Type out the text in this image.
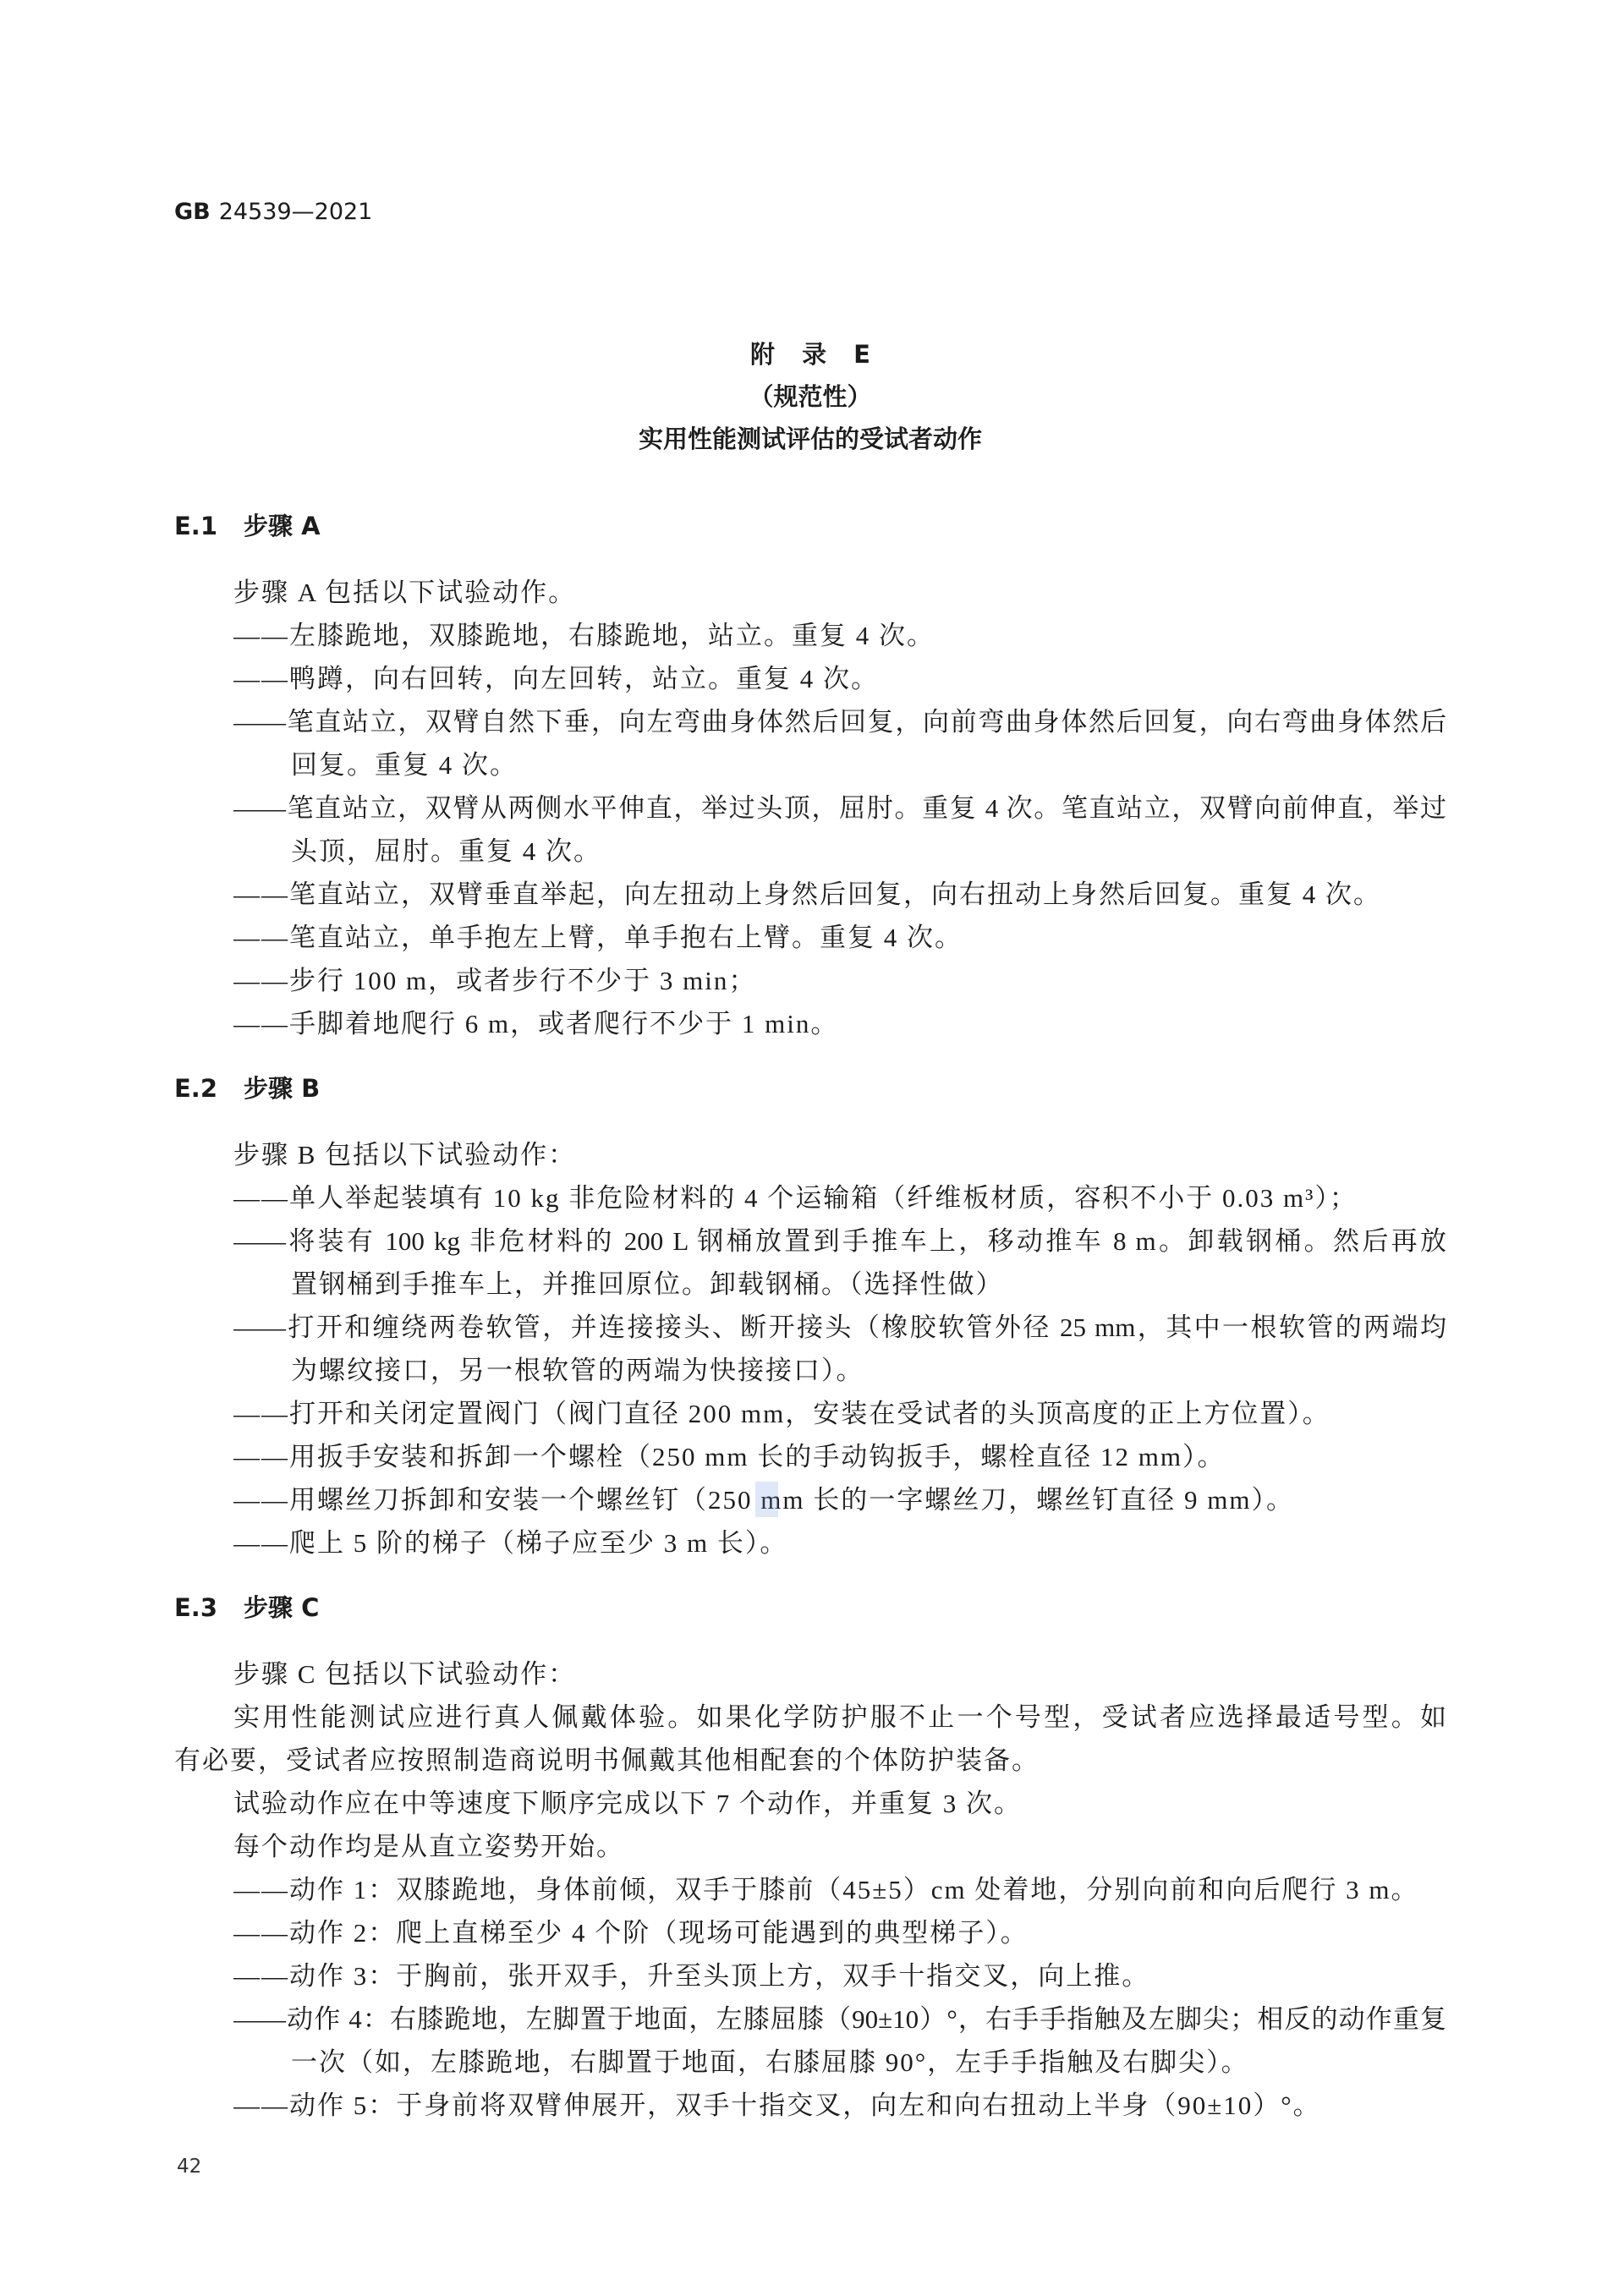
GB 24539—2021
附 录 E
（规范性）
实用性能测试评估的受试者动作
E.1 步骤 A
步骤 A 包括以下试验动作。
——左膝跪地，双膝跪地，右膝跪地，站立。重复 4 次。
——鸭蹲，向右回转，向左回转，站立。重复 4 次。
——笔直站立，双臂自然下垂，向左弯曲身体然后回复，向前弯曲身体然后回复，向右弯曲身体然后
回复。重复 4 次。
——笔直站立，双臂从两侧水平伸直，举过头顶，屈肘。重复 4 次。笔直站立，双臂向前伸直，举过
头顶，屈肘。重复 4 次。
——笔直站立，双臂垂直举起，向左扭动上身然后回复，向右扭动上身然后回复。重复 4 次。
——笔直站立，单手抱左上臂，单手抱右上臂。重复 4 次。
——步行 100 m，或者步行不少于 3 min；
——手脚着地爬行 6 m，或者爬行不少于 1 min。
E.2 步骤 B
步骤 B 包括以下试验动作：
——单人举起装填有 10 kg 非危险材料的 4 个运输箱（纤维板材质，容积不小于 0.03 m³）；
——将装有 100 kg 非危材料的 200 L 钢桶放置到手推车上，移动推车 8 m。卸载钢桶。然后再放
置钢桶到手推车上，并推回原位。卸载钢桶。（选择性做）
——打开和缠绕两卷软管，并连接接头、断开接头（橡胶软管外径 25 mm，其中一根软管的两端均
为螺纹接口，另一根软管的两端为快接接口）。
——打开和关闭定置阀门（阀门直径 200 mm，安装在受试者的头顶高度的正上方位置）。
——用扳手安装和拆卸一个螺栓（250 mm 长的手动钩扳手，螺栓直径 12 mm）。
——用螺丝刀拆卸和安装一个螺丝钉（250 mm 长的一字螺丝刀，螺丝钉直径 9 mm）。
——爬上 5 阶的梯子（梯子应至少 3 m 长）。
E.3 步骤 C
步骤 C 包括以下试验动作：
实用性能测试应进行真人佩戴体验。如果化学防护服不止一个号型，受试者应选择最适号型。如
有必要，受试者应按照制造商说明书佩戴其他相配套的个体防护装备。
试验动作应在中等速度下顺序完成以下 7 个动作，并重复 3 次。
每个动作均是从直立姿势开始。
——动作 1：双膝跪地，身体前倾，双手于膝前（45±5）cm 处着地，分别向前和向后爬行 3 m。
——动作 2：爬上直梯至少 4 个阶（现场可能遇到的典型梯子）。
——动作 3：于胸前，张开双手，升至头顶上方，双手十指交叉，向上推。
——动作 4：右膝跪地，左脚置于地面，左膝屈膝（90±10）°，右手手指触及左脚尖；相反的动作重复
一次（如，左膝跪地，右脚置于地面，右膝屈膝 90°，左手手指触及右脚尖）。
——动作 5：于身前将双臂伸展开，双手十指交叉，向左和向右扭动上半身（90±10）°。
42
